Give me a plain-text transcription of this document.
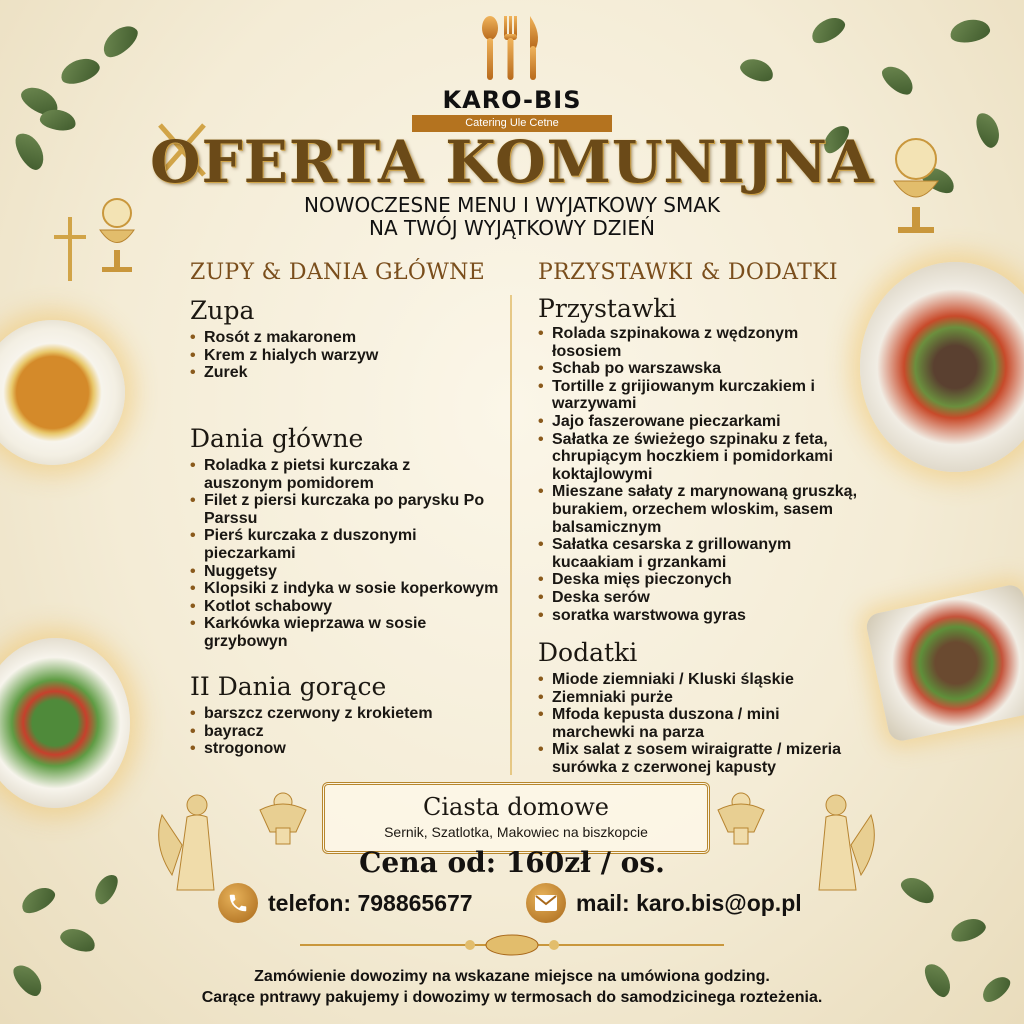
KARO-BIS
Catering Ule Cetne
OFERTA KOMUNIJNA
NOWOCZESNE MENU I WYJATKOWY SMAK
NA TWÓJ WYJĄTKOWY DZIEŃ
ZUPY & DANIA GŁÓWNE PRZYSTAWKI & DODATKI
Zupa
• Rosót z makaronem
• Krem z hialych warzyw
• Zurek
Dania główne
• Roladka z pietsi kurczaka z auszonym pomidorem
• Filet z piersi kurczaka po parysku Po Parssu
• Pierś kurczaka z duszonymi pieczarkami
• Nuggetsy
• Klopsiki z indyka w sosie koperkowym
• Kotlot schabowy
• Karkówka wieprzawa w sosie grzybowyn
II Dania gorące
• barszcz czerwony z krokietem
• bayracz
• strogonow
Przystawki
• Rolada szpinakowa z wędzonym łososiem
• Schab po warszawska
• Tortille z grijiowanym kurczakiem i warzywami
• Jajo faszerowane pieczarkami
• Sałatka ze świeżego szpinaku z feta, chrupiącym hoczkiem i pomidorkami koktajlowymi
• Mieszane sałaty z marynowaną gruszką, burakiem, orzechem wloskim, sasem balsamicznym
• Sałatka cesarska z grillowanym kucaakiam i grzankami
• Deska mięs pieczonych
• Deska serów
• soratka warstwowa gyras
Dodatki
• Miode ziemniaki / Kluski śląskie
• Ziemniaki purże
• Mfoda kepusta duszona / mini marchewki na parza
• Mix salat z sosem wiraigratte / mizeria surówka z czerwonej kapusty
Ciasta domowe
Sernik, Szatlotka, Makowiec na biszkopcie
Cena od: 160zł / os.
telefon: 798865677	mail: karo.bis@op.pl
Zamówienie dowozimy na wskazane miejsce na umówiona godzing.
Carące pntrawy pakujemy i dowozimy w termosach do samodzicinega rozteżenia.
